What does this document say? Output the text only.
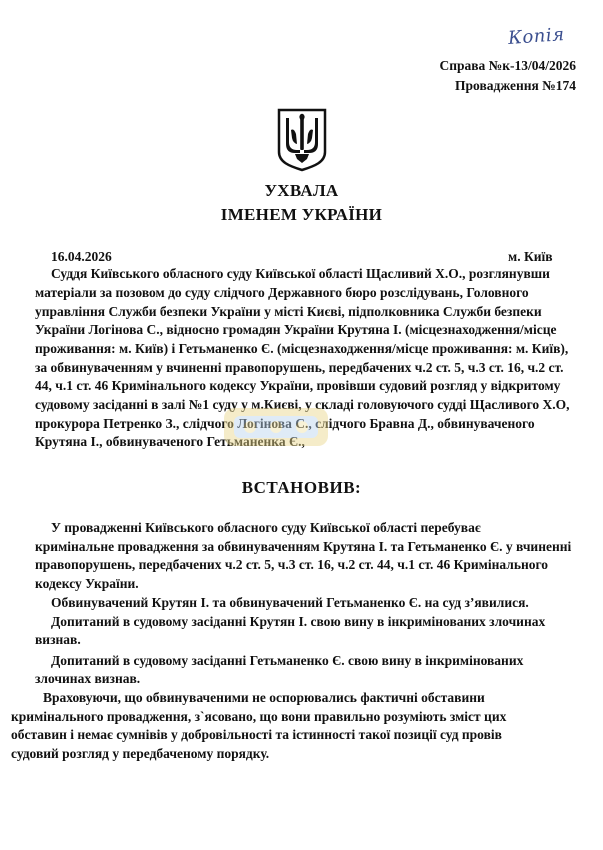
Копія
Справа №к-13/04/2026
Провадження №174
УХВАЛА
ІМЕНЕМ УКРАЇНИ
16.04.2026	м. Київ
Суддя Київського обласного суду Київської області Щасливий Х.О., розглянувши
матеріали за позовом до суду слідчого Державного бюро розслідувань, Головного
управління Служби безпеки України у місті Києві, підполковника Служби безпеки
України Логінова С., відносно громадян України Крутяна І. (місцезнаходження/місце
проживання: м. Київ) і Гетьманенко Є. (місцезнаходження/місце проживання: м. Київ),
за обвинуваченням у вчиненні правопорушень, передбачених ч.2 ст. 5, ч.3 ст. 16, ч.2 ст.
44, ч.1 ст. 46 Кримінального кодексу України, провівши судовий розгляд у відкритому
судовому засіданні в залі №1 суду у м.Києві, у складі головуючого судді Щасливого Х.О,
прокурора Петренко З., слідчого Логінова С., слідчого Бравна Д., обвинуваченого
Крутяна І., обвинуваченого Гетьманенка Є.,
ВСТАНОВИВ:
У провадженні Київського обласного суду Київської області перебуває
кримінальне провадження за обвинуваченням Крутяна І. та Гетьманенко Є. у вчиненні
правопорушень, передбачених ч.2 ст. 5, ч.3 ст. 16, ч.2 ст. 44, ч.1 ст. 46 Кримінального
кодексу України.
Обвинувачений Крутян І. та обвинувачений Гетьманенко Є. на суд з’явилися.
Допитаний в судовому засіданні Крутян І. свою вину в інкримінованих злочинах
визнав.
Допитаний в судовому засіданні Гетьманенко Є. свою вину в інкримінованих
злочинах визнав.
Враховуючи, що обвинуваченими не оспорювались фактичні обставини
кримінального провадження, з`ясовано, що вони правильно розуміють зміст цих
обставин і немає сумнівів у добровільності та істинності такої позиції суд провів
судовий розгляд у передбаченому порядку.
